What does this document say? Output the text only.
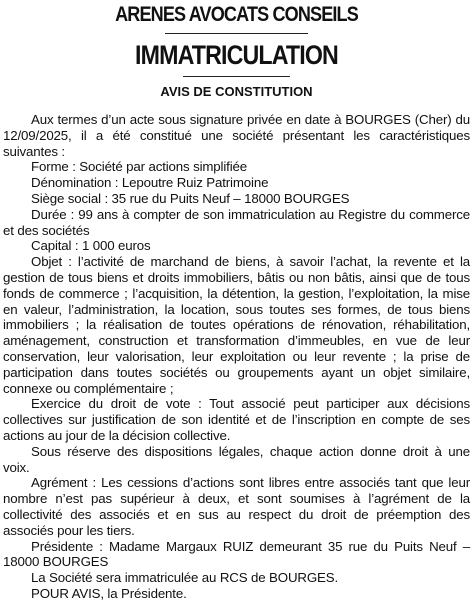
ARENES AVOCATS CONSEILS
IMMATRICULATION
AVIS DE CONSTITUTION

Aux termes d’un acte sous signature privée en date à BOURGES (Cher) du 12/09/2025, il a été constitué une société présentant les caractéristiques suivantes :

Forme : Société par actions simplifiée

Dénomination : Lepoutre Ruiz Patrimoine

Siège social : 35 rue du Puits Neuf – 18000 BOURGES

Durée : 99 ans à compter de son immatriculation au Registre du commerce et des sociétés

Capital : 1 000 euros

Objet : l’activité de marchand de biens, à savoir l’achat, la revente et la gestion de tous biens et droits immobiliers, bâtis ou non bâtis, ainsi que de tous fonds de commerce ; l’acquisition, la détention, la gestion, l’exploitation, la mise en valeur, l’administration, la location, sous toutes ses formes, de tous biens immobiliers ; la réalisation de toutes opérations de rénovation, réhabilitation, aménagement, construction et transformation d’immeubles, en vue de leur conservation, leur valorisation, leur exploitation ou leur revente ; la prise de participation dans toutes sociétés ou groupements ayant un objet similaire, connexe ou complémentaire ;

Exercice du droit de vote : Tout associé peut participer aux décisions collectives sur justification de son identité et de l’inscription en compte de ses actions au jour de la décision collective.

Sous réserve des dispositions légales, chaque action donne droit à une voix.

Agrément : Les cessions d’actions sont libres entre associés tant que leur nombre n’est pas supérieur à deux, et sont soumises à l’agrément de la collectivité des associés et en sus au respect du droit de préemption des associés pour les tiers.

Présidente : Madame Margaux RUIZ demeurant 35 rue du Puits Neuf – 18000 BOURGES

La Société sera immatriculée au RCS de BOURGES.

POUR AVIS, la Présidente.
